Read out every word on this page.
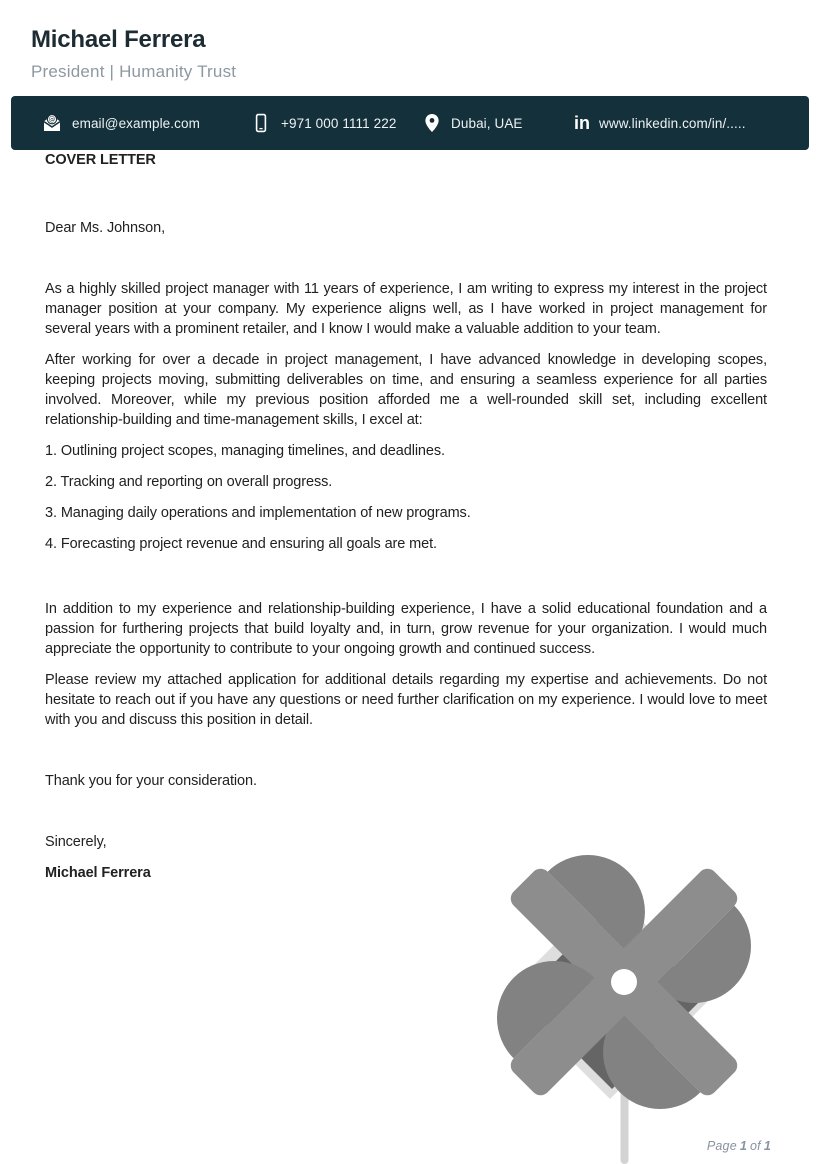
Michael Ferrera
President | Humanity Trust
@ email@example.com	+971 000 1111 222	Dubai, UAE	in www.linkedin.com/in/.....

COVER LETTER

Dear Ms. Johnson,

As a highly skilled project manager with 11 years of experience, I am writing to express my interest in the project manager position at your company. My experience aligns well, as I have worked in project management for several years with a prominent retailer, and I know I would make a valuable addition to your team.

After working for over a decade in project management, I have advanced knowledge in developing scopes, keeping projects moving, submitting deliverables on time, and ensuring a seamless experience for all parties involved. Moreover, while my previous position afforded me a well-rounded skill set, including excellent relationship-building and time-management skills, I excel at:

1. Outlining project scopes, managing timelines, and deadlines.

2. Tracking and reporting on overall progress.

3. Managing daily operations and implementation of new programs.

4. Forecasting project revenue and ensuring all goals are met.

In addition to my experience and relationship-building experience, I have a solid educational foundation and a passion for furthering projects that build loyalty and, in turn, grow revenue for your organization. I would much appreciate the opportunity to contribute to your ongoing growth and continued success.

Please review my attached application for additional details regarding my expertise and achievements. Do not hesitate to reach out if you have any questions or need further clarification on my experience. I would love to meet with you and discuss this position in detail.

Thank you for your consideration.

Sincerely,

Michael Ferrera

Page 1 of 1
